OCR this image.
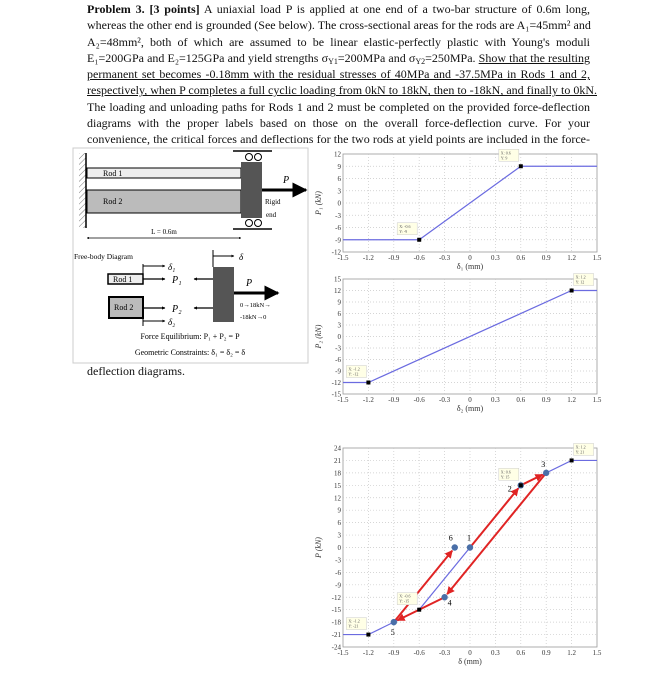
Problem 3. [3 points] A uniaxial load P is applied at one end of a two-bar structure of 0.6m long,
whereas the other end is grounded (See below). The cross-sectional areas for the rods are A₁=45mm² and
A₂=48mm², both of which are assumed to be linear elastic-perfectly plastic with Young's moduli
E₁=200GPa and E₂=125GPa and yield strengths $\sigma_{Y1}=200MPa$ and $\sigma_{Y2}=250MPa$. Show that the resulting
permanent set becomes -0.18mm with the residual stresses of 40MPa and -37.5MPa in Rods 1 and 2,
respectively, when P completes a full cyclic loading from 0kN to 18kN, then to -18kN, and finally to 0kN.
The loading and unloading paths for Rods 1 and 2 must be completed on the provided force-deflection
diagrams with the proper labels based on those on the overall force-deflection curve. For your
convenience, the critical forces and deflections for the two rods at yield points are included in the force-
deflection diagrams.
Rod 1
Rod 2
P
Rigid
end
L = 0.6m
Free-body Diagram
Rod 1
Rod 2
δ₁
P₁
P₂
δ₂
δ
P
0→18kN→
-18kN→0
Force Equilibrium: P₁ + P₂ = P
Geometric Constraints: δ₁ = δ₂ = δ
-1.5 -1.2 -0.9 -0.6 -0.3	0	0.3 0.6 0.9 1.2 1.5
-12
-9
-6
-3
0
3
6
9
12
P₁ (kN)
δ₁ (mm)
X: 0.6
Y: 9
X: -0.6
Y: -9
-1.5 -1.2 -0.9 -0.6 -0.3	0	0.3 0.6 0.9 1.2 1.5
-15
-12
-9
-6
-3
0
3
6
9
12
15
P₂ (kN)
δ₂ (mm)
X: 1.2
Y: 12
X: -1.2
Y: -12
-1.5 -1.2 -0.9 -0.6 -0.3	0	0.3 0.6 0.9 1.2 1.5
-24
-21
-18
-15
-12
-9
-6
-3
0
3
6
9
12
15
18
21
24
P (kN)
δ (mm)
1
2
3
4
5
6
X: 1.2
Y: 21
X: 0.6
Y: 15
X: -0.6
Y: -15
X: -1.2
Y: -21
